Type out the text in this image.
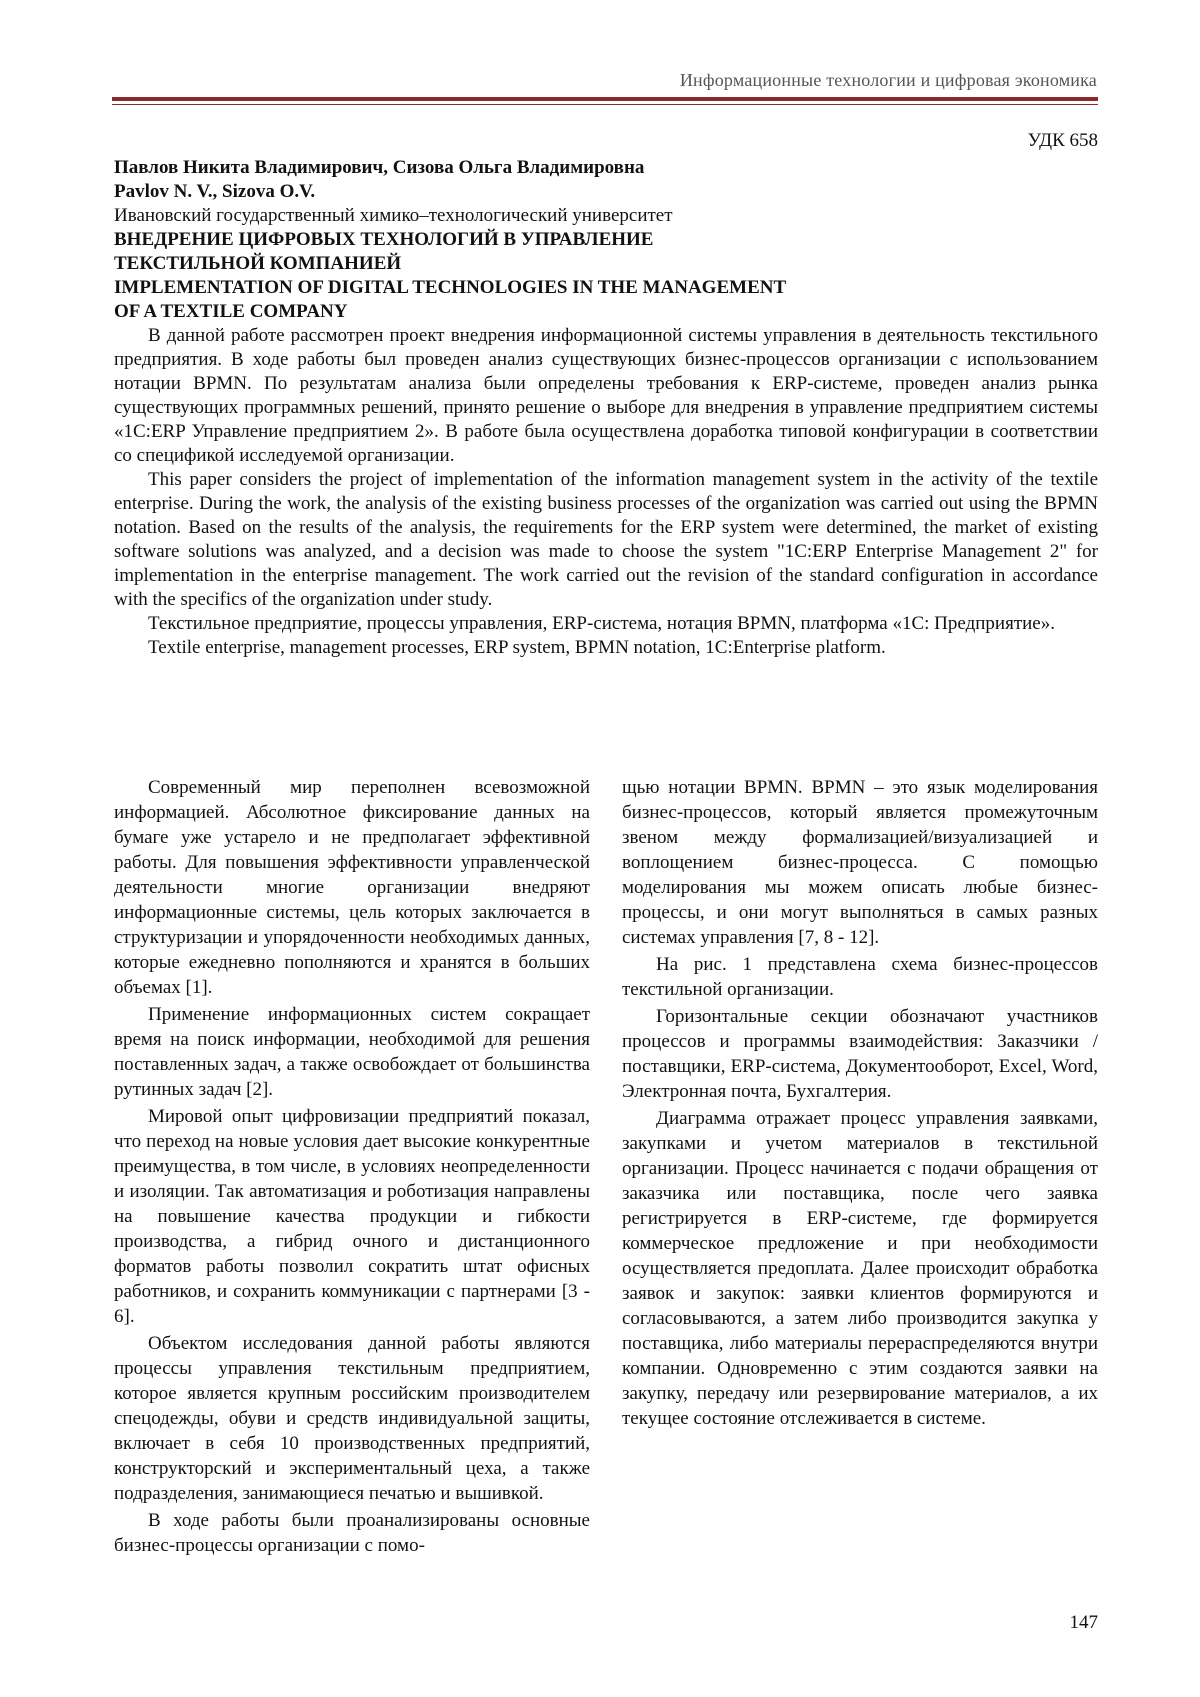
Информационные технологии и цифровая экономика
УДК 658
Павлов Никита Владимирович, Сизова Ольга Владимировна
Pavlov N. V., Sizova O.V.
Ивановский государственный химико–технологический университет
ВНЕДРЕНИЕ ЦИФРОВЫХ ТЕХНОЛОГИЙ В УПРАВЛЕНИЕ
ТЕКСТИЛЬНОЙ КОМПАНИЕЙ
IMPLEMENTATION OF DIGITAL TECHNOLOGIES IN THE MANAGEMENT
OF A TEXTILE COMPANY

В данной работе рассмотрен проект внедрения информационной системы управления в деятельность текстильного предприятия. В ходе работы был проведен анализ существующих бизнес-процессов организации с использованием нотации BPMN. По результатам анализа были определены требования к ERP-системе, проведен анализ рынка существующих программных решений, принято решение о выборе для внедрения в управление предприятием системы «1С:ERP Управление предприятием 2». В работе была осуществлена доработка типовой конфигурации в соответствии со спецификой исследуемой организации.

This paper considers the project of implementation of the information management system in the activity of the textile enterprise. During the work, the analysis of the existing business processes of the organization was carried out using the BPMN notation. Based on the results of the analysis, the requirements for the ERP system were determined, the market of existing software solutions was analyzed, and a decision was made to choose the system "1C:ERP Enterprise Management 2" for implementation in the enterprise management. The work carried out the revision of the standard configuration in accordance with the specifics of the organization under study.

Текстильное предприятие, процессы управления, ERP-система, нотация BPMN, платформа «1С: Предприятие».

Textile enterprise, management processes, ERP system, BPMN notation, 1C:Enterprise platform.

Современный мир переполнен всевозможной информацией. Абсолютное фиксирование данных на бумаге уже устарело и не предполагает эффективной работы. Для повышения эффективности управленческой деятельности многие организации внедряют информационные системы, цель которых заключается в структуризации и упорядоченности необходимых данных, которые ежедневно пополняются и хранятся в больших объемах [1].

Применение информационных систем сокращает время на поиск информации, необходимой для решения поставленных задач, а также освобождает от большинства рутинных задач [2].

Мировой опыт цифровизации предприятий показал, что переход на новые условия дает высокие конкурентные преимущества, в том числе, в условиях неопределенности и изоляции. Так автоматизация и роботизация направлены на повышение качества продукции и гибкости производства, а гибрид очного и дистанционного форматов работы позволил сократить штат офисных работников, и сохранить коммуникации с партнерами [3 - 6].

Объектом исследования данной работы являются процессы управления текстильным предприятием, которое является крупным российским производителем спецодежды, обуви и средств индивидуальной защиты, включает в себя 10 производственных предприятий, конструкторский и экспериментальный цеха, а также подразделения, занимающиеся печатью и вышивкой.

В ходе работы были проанализированы основные бизнес-процессы организации с помо-

щью нотации BPMN. BPMN – это язык моделирования бизнес-процессов, который является промежуточным звеном между формализацией/визуализацией и воплощением бизнес-процесса. С помощью моделирования мы можем описать любые бизнес-процессы, и они могут выполняться в самых разных системах управления [7, 8 - 12].

На рис. 1 представлена схема бизнес-процессов текстильной организации.

Горизонтальные секции обозначают участников процессов и программы взаимодействия: Заказчики / поставщики, ERP-система, Документооборот, Excel, Word, Электронная почта, Бухгалтерия.

Диаграмма отражает процесс управления заявками, закупками и учетом материалов в текстильной организации. Процесс начинается с подачи обращения от заказчика или поставщика, после чего заявка регистрируется в ERP-системе, где формируется коммерческое предложение и при необходимости осуществляется предоплата. Далее происходит обработка заявок и закупок: заявки клиентов формируются и согласовываются, а затем либо производится закупка у поставщика, либо материалы перераспределяются внутри компании. Одновременно с этим создаются заявки на закупку, передачу или резервирование материалов, а их текущее состояние отслеживается в системе.

147
